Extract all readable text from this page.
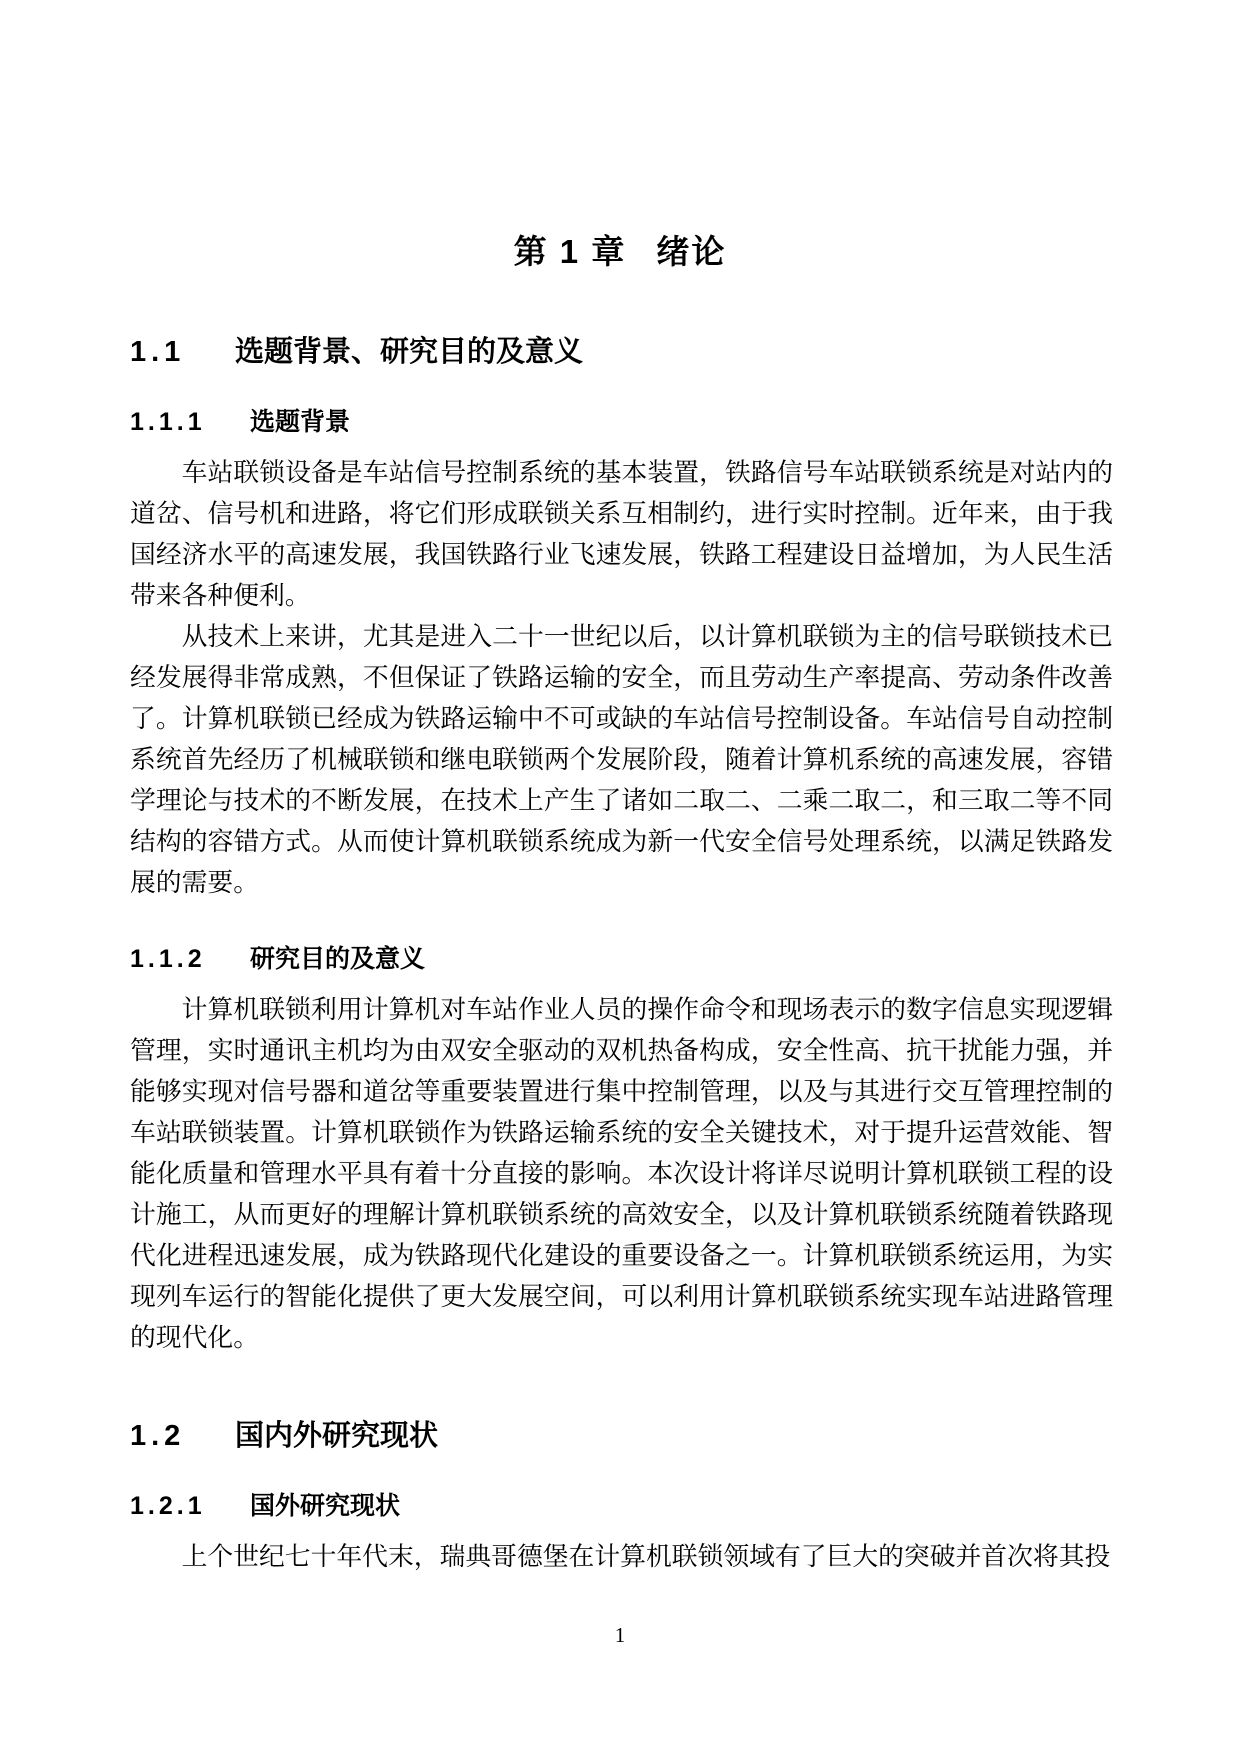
第 1 章 绪论
1.1 选题背景、研究目的及意义
1.1.1 选题背景

车站联锁设备是车站信号控制系统的基本装置，铁路信号车站联锁系统是对站内的道岔、信号机和进路，将它们形成联锁关系互相制约，进行实时控制。近年来，由于我国经济水平的高速发展，我国铁路行业飞速发展，铁路工程建设日益增加，为人民生活带来各种便利。

从技术上来讲，尤其是进入二十一世纪以后，以计算机联锁为主的信号联锁技术已经发展得非常成熟，不但保证了铁路运输的安全，而且劳动生产率提高、劳动条件改善了。计算机联锁已经成为铁路运输中不可或缺的车站信号控制设备。车站信号自动控制系统首先经历了机械联锁和继电联锁两个发展阶段，随着计算机系统的高速发展，容错学理论与技术的不断发展，在技术上产生了诸如二取二、二乘二取二，和三取二等不同结构的容错方式。从而使计算机联锁系统成为新一代安全信号处理系统，以满足铁路发展的需要。

1.1.2 研究目的及意义

计算机联锁利用计算机对车站作业人员的操作命令和现场表示的数字信息实现逻辑管理，实时通讯主机均为由双安全驱动的双机热备构成，安全性高、抗干扰能力强，并能够实现对信号器和道岔等重要装置进行集中控制管理，以及与其进行交互管理控制的车站联锁装置。计算机联锁作为铁路运输系统的安全关键技术，对于提升运营效能、智能化质量和管理水平具有着十分直接的影响。本次设计将详尽说明计算机联锁工程的设计施工，从而更好的理解计算机联锁系统的高效安全，以及计算机联锁系统随着铁路现代化进程迅速发展，成为铁路现代化建设的重要设备之一。计算机联锁系统运用，为实现列车运行的智能化提供了更大发展空间，可以利用计算机联锁系统实现车站进路管理的现代化。

1.2 国内外研究现状
1.2.1 国外研究现状

上个世纪七十年代末，瑞典哥德堡在计算机联锁领域有了巨大的突破并首次将其投

1
